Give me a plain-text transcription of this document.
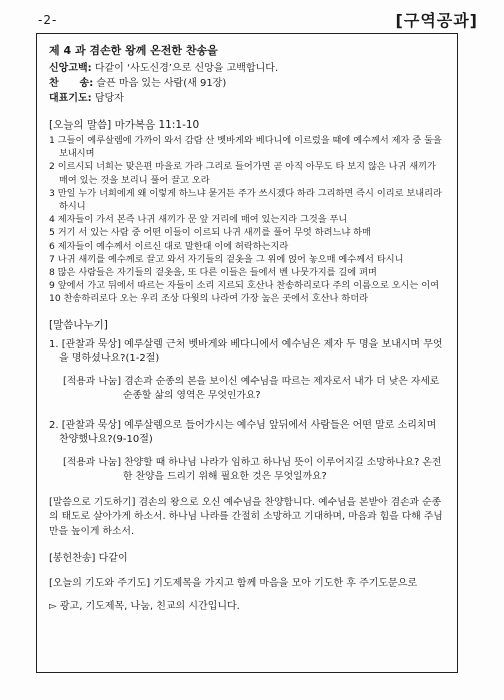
-2-	[구역공과]
제 4 과 겸손한 왕께 온전한 찬송을
신앙고백: 다같이 ‘사도신경’으로 신앙을 고백합니다.
찬      송: 슬픈 마음 있는 사람(새 91장)
대표기도: 담당자
[오늘의 말씀] 마가복음 11:1-10
1 그들이 예루살렘에 가까이 와서 감람 산 벳바게와 베다니에 이르렀을 때에 예수께서 제자 중 둘을 보내시며
2 이르시되 너희는 맞은편 마을로 가라 그리로 들어가면 곧 아직 아무도 타 보지 않은 나귀 새끼가 매여 있는 것을 보리니 풀어 끌고 오라
3 만일 누가 너희에게 왜 이렇게 하느냐 묻거든 주가 쓰시겠다 하라 그리하면 즉시 이리로 보내리라 하시니
4 제자들이 가서 본즉 나귀 새끼가 문 앞 거리에 매여 있는지라 그것을 푸니
5 거기 서 있는 사람 중 어떤 이들이 이르되 나귀 새끼를 풀어 무엇 하려느냐 하매
6 제자들이 예수께서 이르신 대로 말한대 이에 허락하는지라
7 나귀 새끼를 예수께로 끌고 와서 자기들의 겉옷을 그 위에 얹어 놓으매 예수께서 타시니
8 많은 사람들은 자기들의 겉옷을, 또 다른 이들은 들에서 벤 나뭇가지를 길에 펴며
9 앞에서 가고 뒤에서 따르는 자들이 소리 지르되 호산나 찬송하리로다 주의 이름으로 오시는 이여
10 찬송하리로다 오는 우리 조상 다윗의 나라여 가장 높은 곳에서 호산나 하더라
[말씀나누기]
1. [관찰과 묵상] 예루살렘 근처 벳바게와 베다니에서 예수님은 제자 두 명을 보내시며 무엇을 명하셨나요?(1-2절)
[적용과 나눔] 겸손과 순종의 본을 보이신 예수님을 따르는 제자로서 내가 더 낮은 자세로 순종할 삶의 영역은 무엇인가요?
2. [관찰과 묵상] 예루살렘으로 들어가시는 예수님 앞뒤에서 사람들은 어떤 말로 소리치며 찬양했나요?(9-10절)
[적용과 나눔] 찬양할 때 하나님 나라가 임하고 하나님 뜻이 이루어지길 소망하나요? 온전한 찬양을 드리기 위해 필요한 것은 무엇일까요?
[말씀으로 기도하기] 겸손의 왕으로 오신 예수님을 찬양합니다. 예수님을 본받아 겸손과 순종의 태도로 살아가게 하소서. 하나님 나라를 간절히 소망하고 기대하며, 마음과 힘을 다해 주님만을 높이게 하소서.
[봉헌찬송] 다같이
[오늘의 기도와 주기도] 기도제목을 가지고 함께 마음을 모아 기도한 후 주기도문으로
▻ 광고, 기도제목, 나눔, 친교의 시간입니다.
